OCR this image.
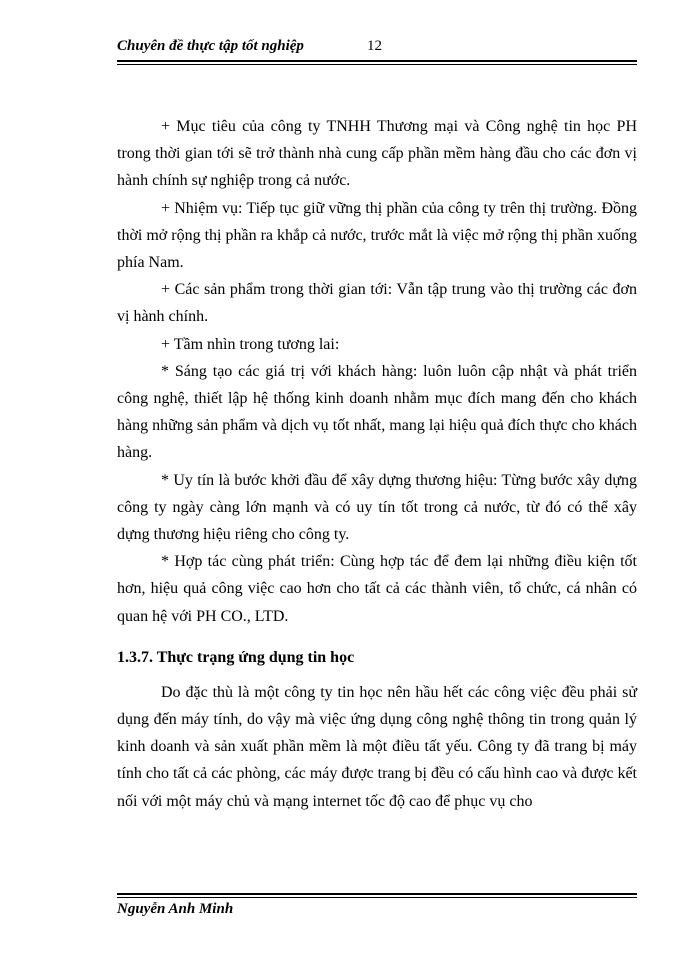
Chuyên đề thực tập tốt nghiệp	12

+ Mục tiêu của công ty TNHH Thương mại và Công nghệ tin học PH trong thời gian tới sẽ trở thành nhà cung cấp phần mềm hàng đầu cho các đơn vị hành chính sự nghiệp trong cả nước.

+ Nhiệm vụ: Tiếp tục giữ vững thị phần của công ty trên thị trường. Đồng thời mở rộng thị phần ra khắp cả nước, trước mắt là việc mở rộng thị phần xuống phía Nam.

+ Các sản phẩm trong thời gian tới: Vẫn tập trung vào thị trường các đơn vị hành chính.

+ Tầm nhìn trong tương lai:

* Sáng tạo các giá trị với khách hàng: luôn luôn cập nhật và phát triển công nghệ, thiết lập hệ thống kinh doanh nhằm mục đích mang đến cho khách hàng những sản phẩm và dịch vụ tốt nhất, mang lại hiệu quả đích thực cho khách hàng.

* Uy tín là bước khởi đầu để xây dựng thương hiệu: Từng bước xây dựng công ty ngày càng lớn mạnh và có uy tín tốt trong cả nước, từ đó có thể xây dựng thương hiệu riêng cho công ty.

* Hợp tác cùng phát triển: Cùng hợp tác để đem lại những điều kiện tốt hơn, hiệu quả công việc cao hơn cho tất cả các thành viên, tổ chức, cá nhân có quan hệ với PH CO., LTD.

1.3.7. Thực trạng ứng dụng tin học

Do đặc thù là một công ty tin học nên hầu hết các công việc đều phải sử dụng đến máy tính, do vậy mà việc ứng dụng công nghệ thông tin trong quản lý kinh doanh và sản xuất phần mềm là một điều tất yếu. Công ty đã trang bị máy tính cho tất cả các phòng, các máy được trang bị đều có cấu hình cao và được kết nối với một máy chủ và mạng internet tốc độ cao để phục vụ cho

Nguyễn Anh Minh
